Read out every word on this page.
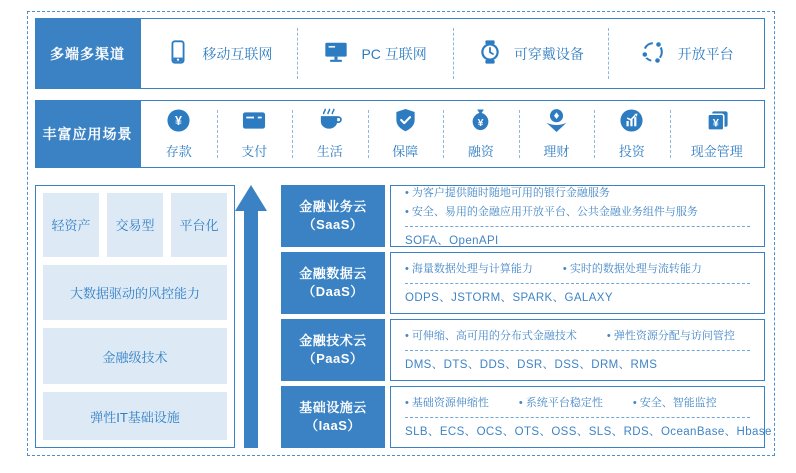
多端多渠道	移动互联网	PC 互联网	可穿戴设备	开放平台
丰富应用场景
¥
存款	支付	生活	保障
¥
融资	理财	投资
¥
现金管理
轻资产	交易型	平台化
大数据驱动的风控能力
金融级技术
弹性IT基础设施
金融业务云
（SaaS）
• 为客户提供随时随地可用的银行金融服务
• 安全、易用的金融应用开放平台、公共金融业务组件与服务
SOFA、OpenAPI
金融数据云
（DaaS）
• 海量数据处理与计算能力	• 实时的数据处理与流转能力
ODPS、JSTORM、SPARK、GALAXY
金融技术云
（PaaS）
• 可伸缩、高可用的分布式金融技术	• 弹性资源分配与访问管控
DMS、DTS、DDS、DSR、DSS、DRM、RMS
基础设施云
（IaaS）
• 基础资源伸缩性	• 系统平台稳定性	• 安全、智能监控
SLB、ECS、OCS、OTS、OSS、SLS、RDS、OceanBase、Hbase
